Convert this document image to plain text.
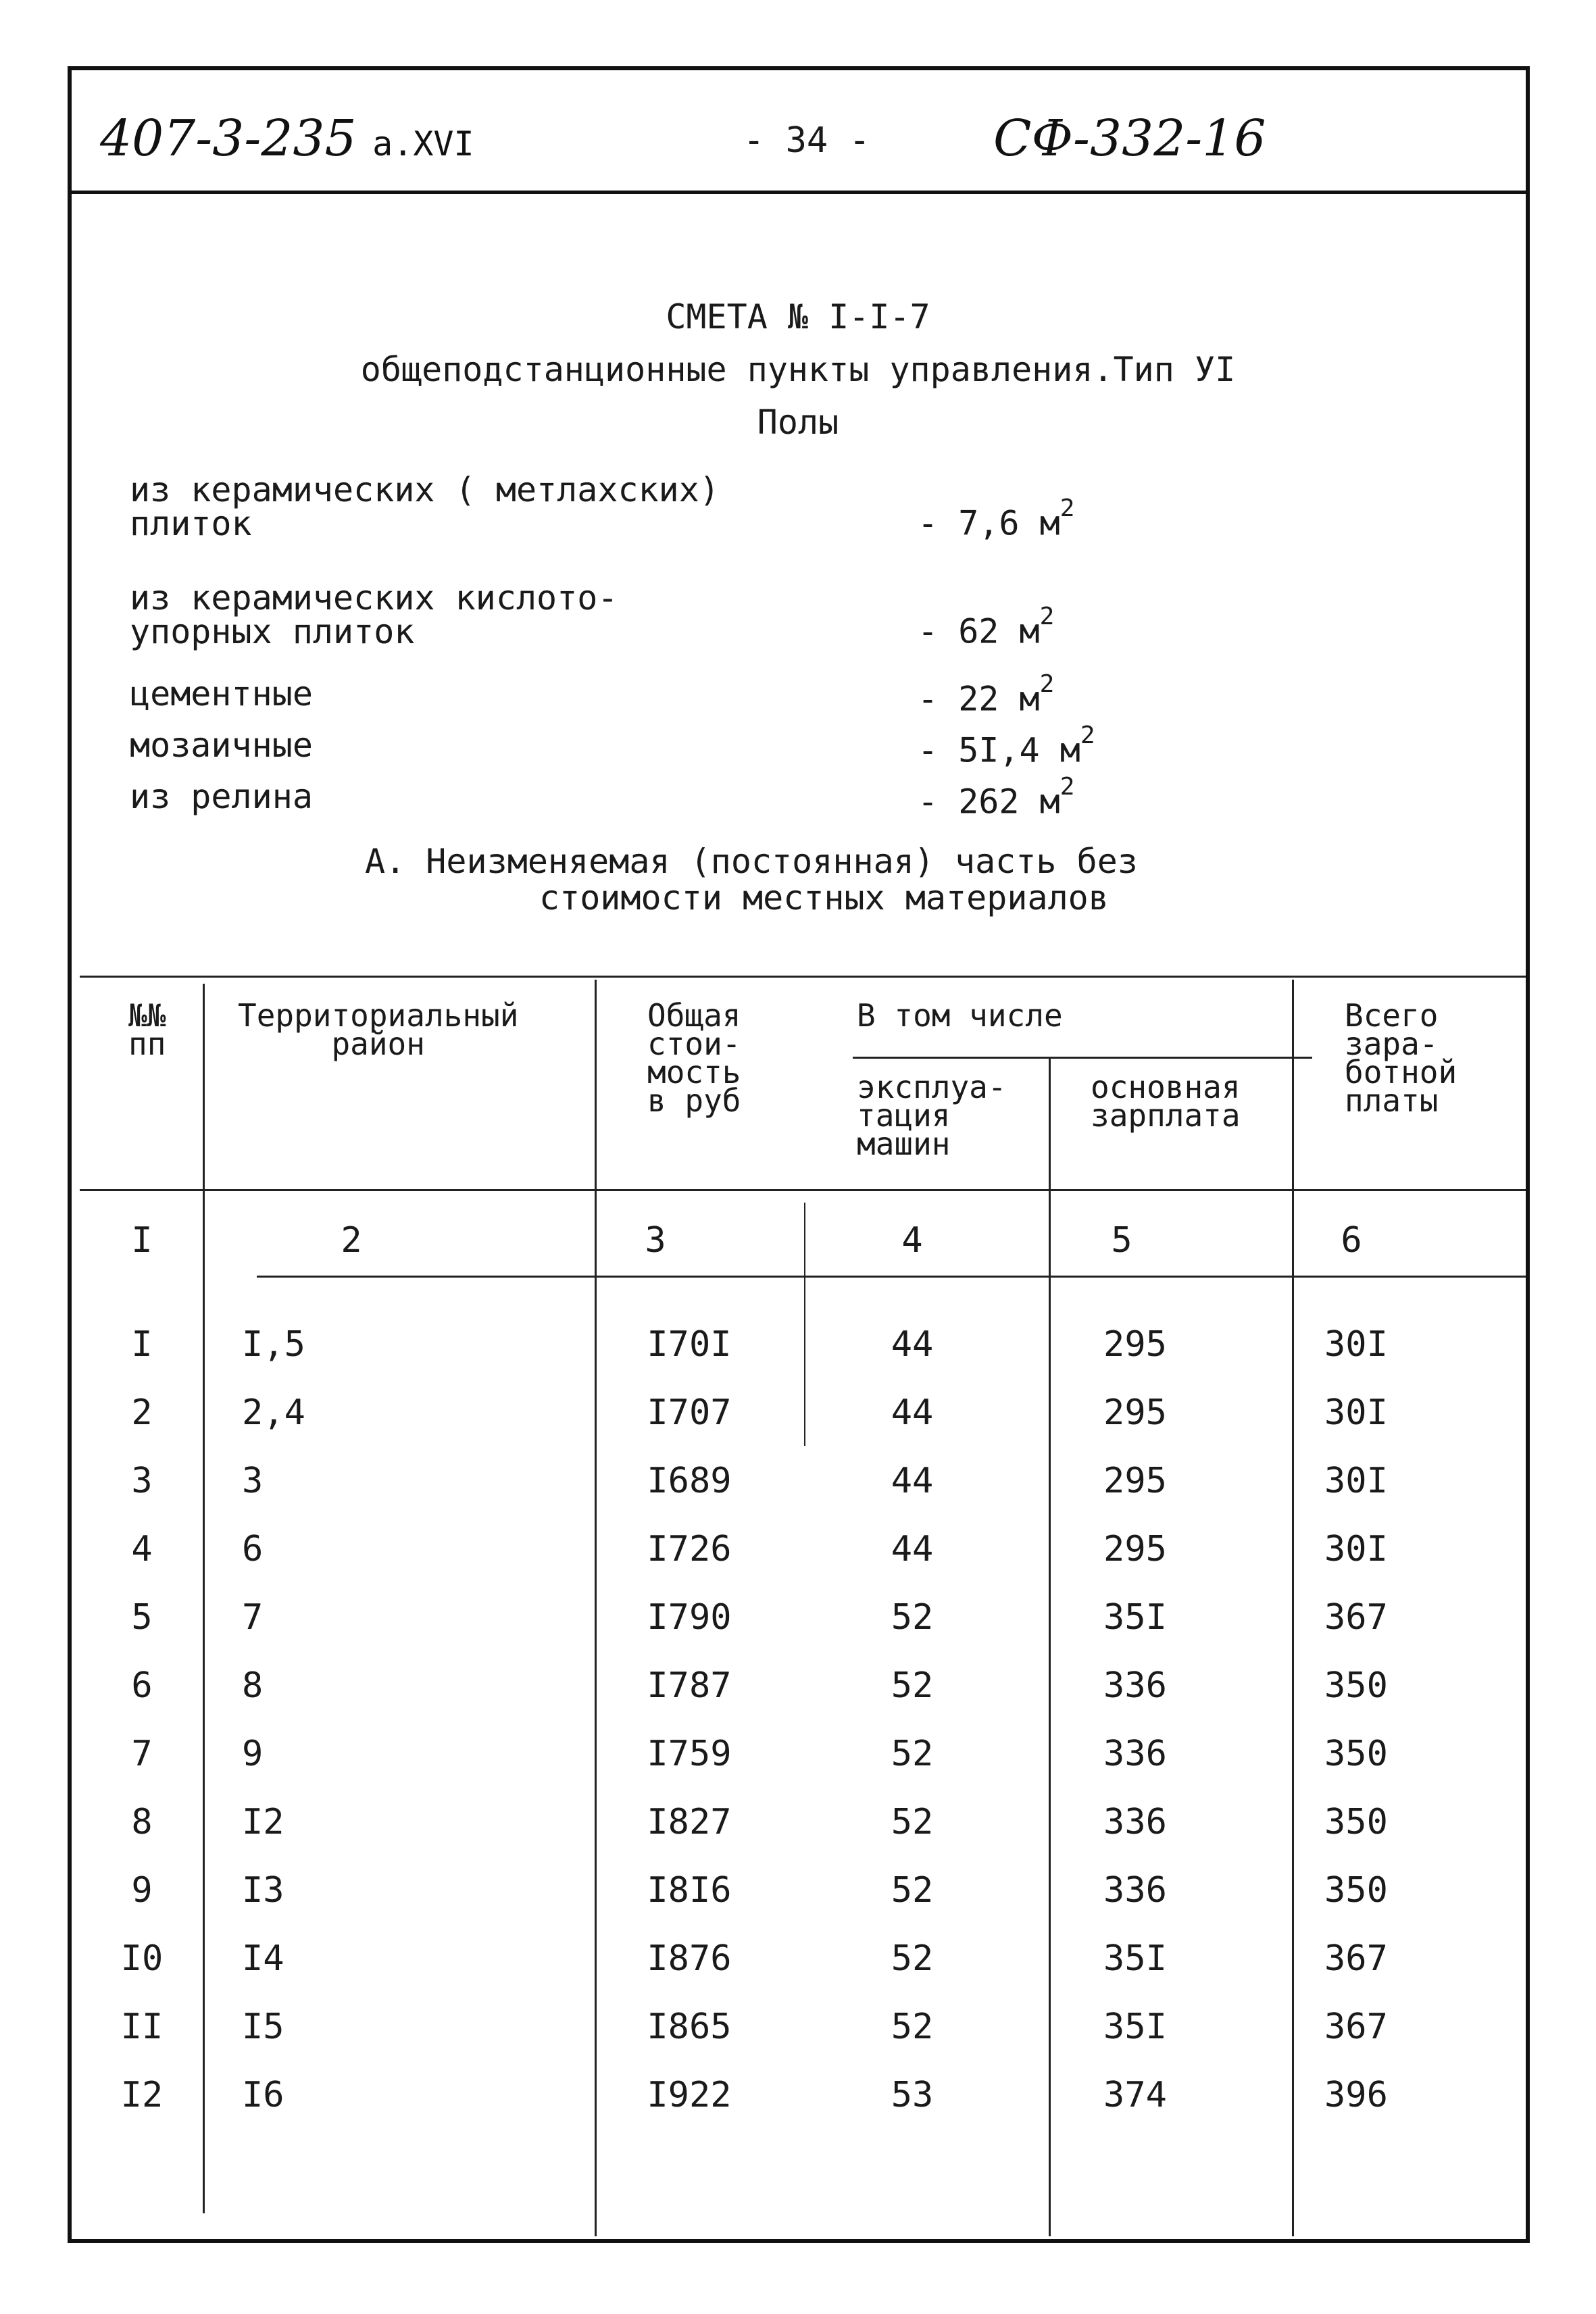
407-3-235 а.XVI	- 34 - СФ-332-16
СМЕТА № I-I-7
общеподстанционные пункты управления.Тип УI
Полы
из керамических ( метлахских)
плиток	- 7,6 $м^2$
из керамических кислото-
упорных плиток	- 62 $м^2$
цементные	- 22 $м^2$
мозаичные	- 5I,4 $м^2$
из релина	- 262 $м^2$
А. Неизменяемая (постоянная) часть без
стоимости местных материалов
№№
пп
Территориальный
район
Общая
стои-
мость
в руб
В том числе
эксплуа-
тация
машин
основная
зарплата
Всего
зара-
ботной
платы
I	2	3	4	5	6
I	I,5	I70I	44	295	30I
2	2,4	I707	44	295	30I
3	3	I689	44	295	30I
4	6	I726	44	295	30I
5	7	I790	52	35I	367
6	8	I787	52	336	350
7	9	I759	52	336	350
8	I2	I827	52	336	350
9	I3	I8I6	52	336	350
I0	I4	I876	52	35I	367
II	I5	I865	52	35I	367
I2	I6	I922	53	374	396
